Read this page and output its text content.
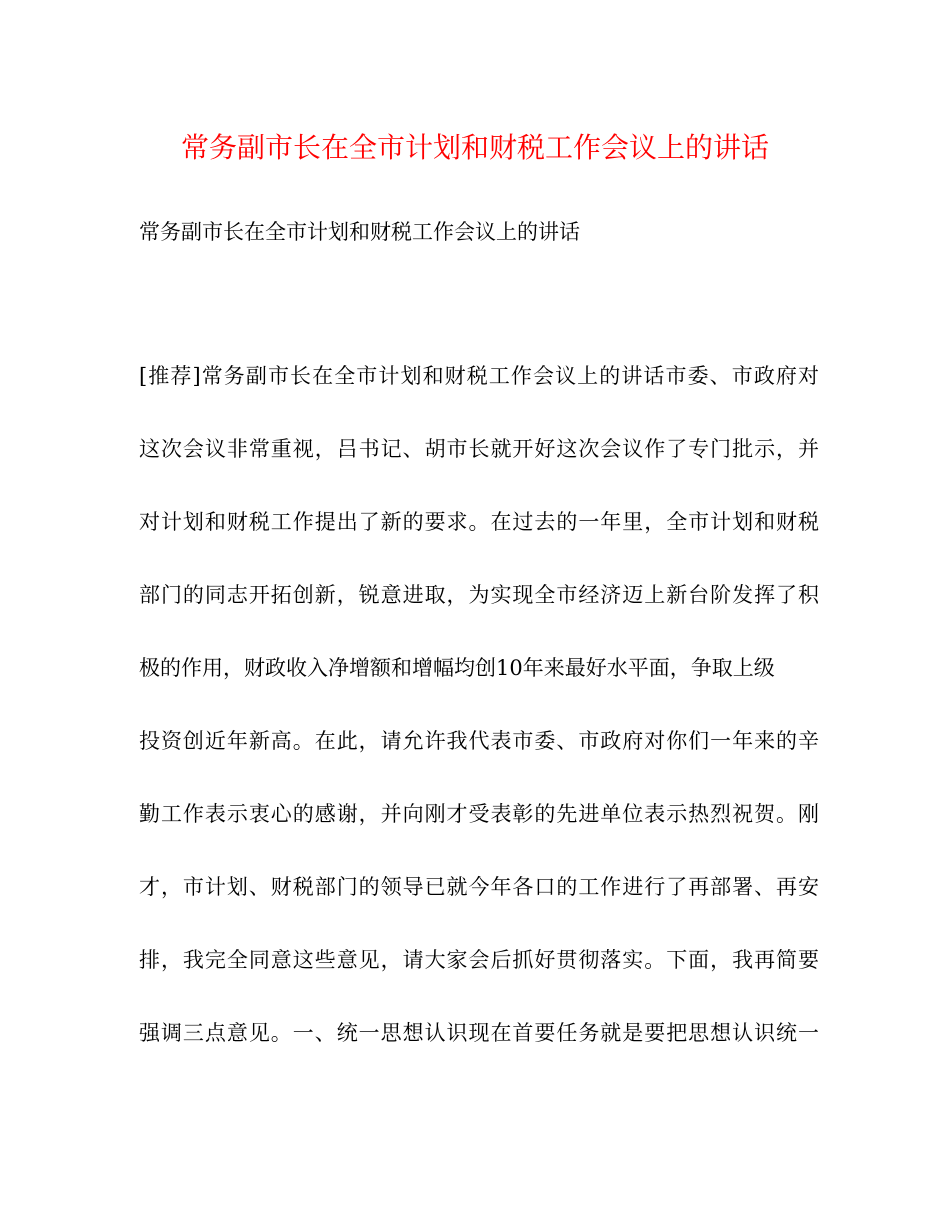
常务副市长在全市计划和财税工作会议上的讲话

常务副市长在全市计划和财税工作会议上的讲话

[推荐]常务副市长在全市计划和财税工作会议上的讲话市委、市政府对
这次会议非常重视，吕书记、胡市长就开好这次会议作了专门批示，并
对计划和财税工作提出了新的要求。在过去的一年里，全市计划和财税
部门的同志开拓创新，锐意进取，为实现全市经济迈上新台阶发挥了积
极的作用，财政收入净增额和增幅均创10年来最好水平面，争取上级
投资创近年新高。在此，请允许我代表市委、市政府对你们一年来的辛
勤工作表示衷心的感谢，并向刚才受表彰的先进单位表示热烈祝贺。刚
才，市计划、财税部门的领导已就今年各口的工作进行了再部署、再安
排，我完全同意这些意见，请大家会后抓好贯彻落实。下面，我再简要
强调三点意见。一、统一思想认识现在首要任务就是要把思想认识统一
